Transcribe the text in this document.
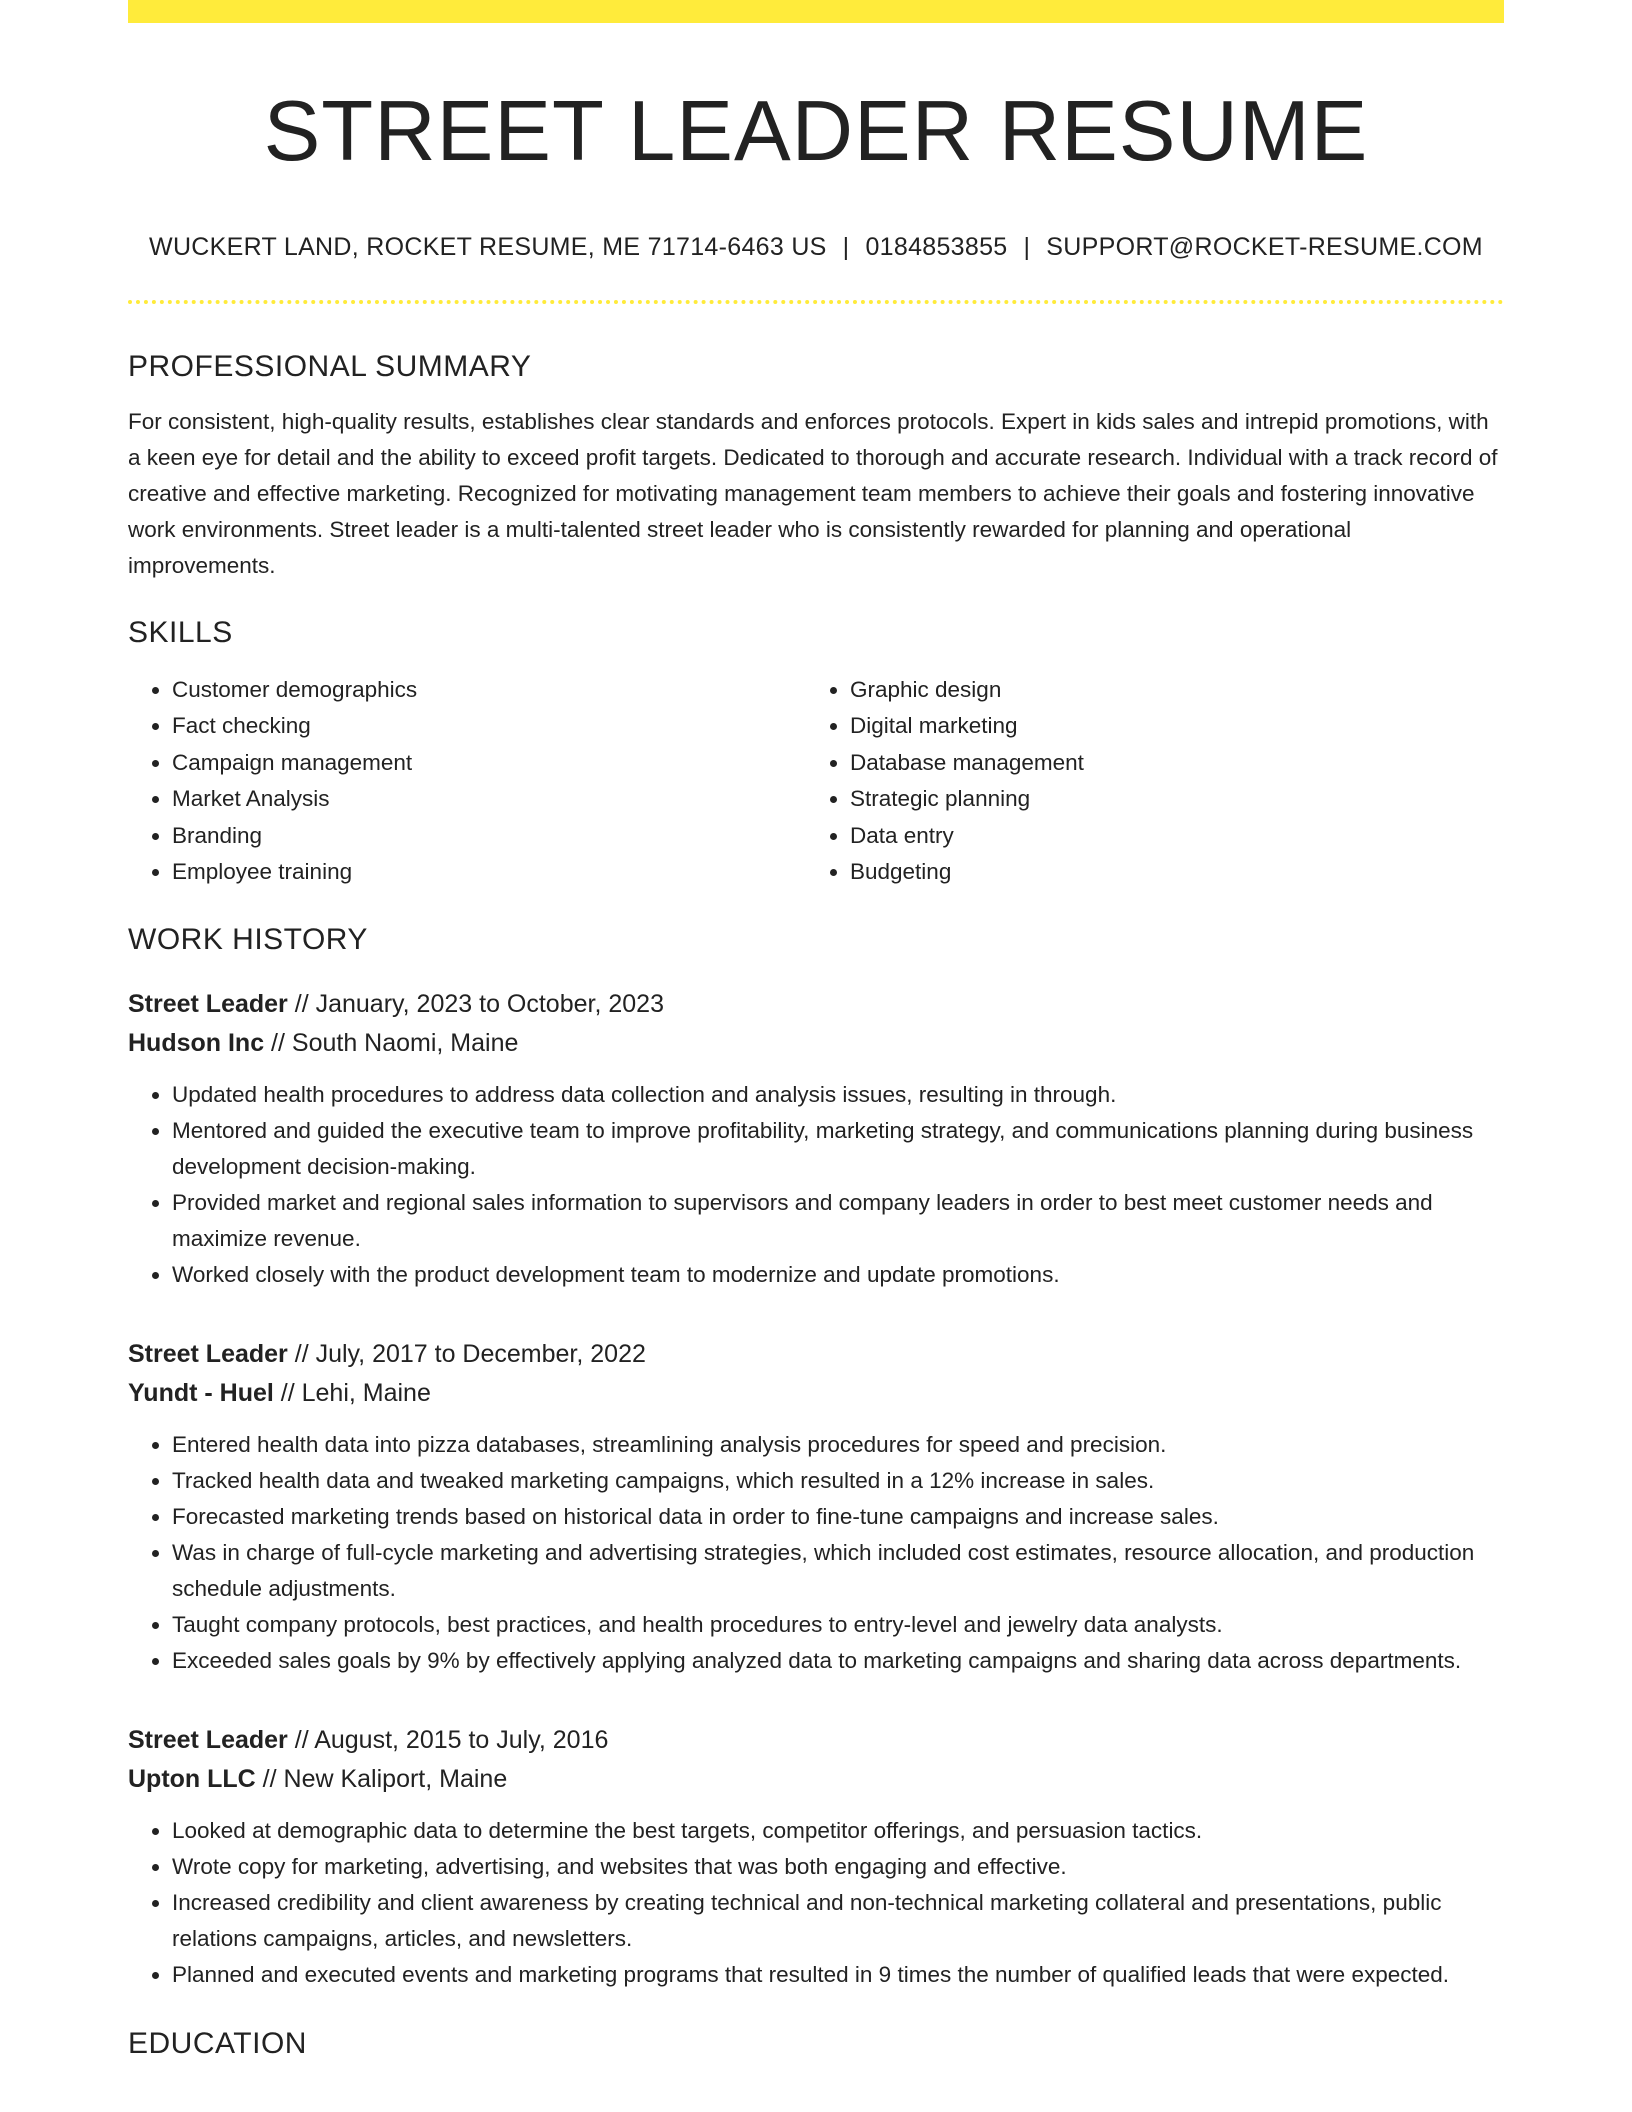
STREET LEADER RESUME
WUCKERT LAND, ROCKET RESUME, ME 71714-6463 US | 0184853855 | SUPPORT@ROCKET-RESUME.COM
PROFESSIONAL SUMMARY

For consistent, high-quality results, establishes clear standards and enforces protocols. Expert in kids sales and intrepid promotions, with a keen eye for detail and the ability to exceed profit targets. Dedicated to thorough and accurate research. Individual with a track record of creative and effective marketing. Recognized for motivating management team members to achieve their goals and fostering innovative work environments. Street leader is a multi-talented street leader who is consistently rewarded for planning and operational improvements.

SKILLS
• Customer demographics
• Fact checking
• Campaign management
• Market Analysis
• Branding
• Employee training
• Graphic design
• Digital marketing
• Database management
• Strategic planning
• Data entry
• Budgeting
WORK HISTORY
Street Leader // January, 2023 to October, 2023
Hudson Inc // South Naomi, Maine
• Updated health procedures to address data collection and analysis issues, resulting in through.
• Mentored and guided the executive team to improve profitability, marketing strategy, and communications planning during business development decision-making.
• Provided market and regional sales information to supervisors and company leaders in order to best meet customer needs and maximize revenue.
• Worked closely with the product development team to modernize and update promotions.
Street Leader // July, 2017 to December, 2022
Yundt - Huel // Lehi, Maine
• Entered health data into pizza databases, streamlining analysis procedures for speed and precision.
• Tracked health data and tweaked marketing campaigns, which resulted in a 12% increase in sales.
• Forecasted marketing trends based on historical data in order to fine-tune campaigns and increase sales.
• Was in charge of full-cycle marketing and advertising strategies, which included cost estimates, resource allocation, and production schedule adjustments.
• Taught company protocols, best practices, and health procedures to entry-level and jewelry data analysts.
• Exceeded sales goals by 9% by effectively applying analyzed data to marketing campaigns and sharing data across departments.
Street Leader // August, 2015 to July, 2016
Upton LLC // New Kaliport, Maine
• Looked at demographic data to determine the best targets, competitor offerings, and persuasion tactics.
• Wrote copy for marketing, advertising, and websites that was both engaging and effective.
• Increased credibility and client awareness by creating technical and non-technical marketing collateral and presentations, public relations campaigns, articles, and newsletters.
• Planned and executed events and marketing programs that resulted in 9 times the number of qualified leads that were expected.
EDUCATION
